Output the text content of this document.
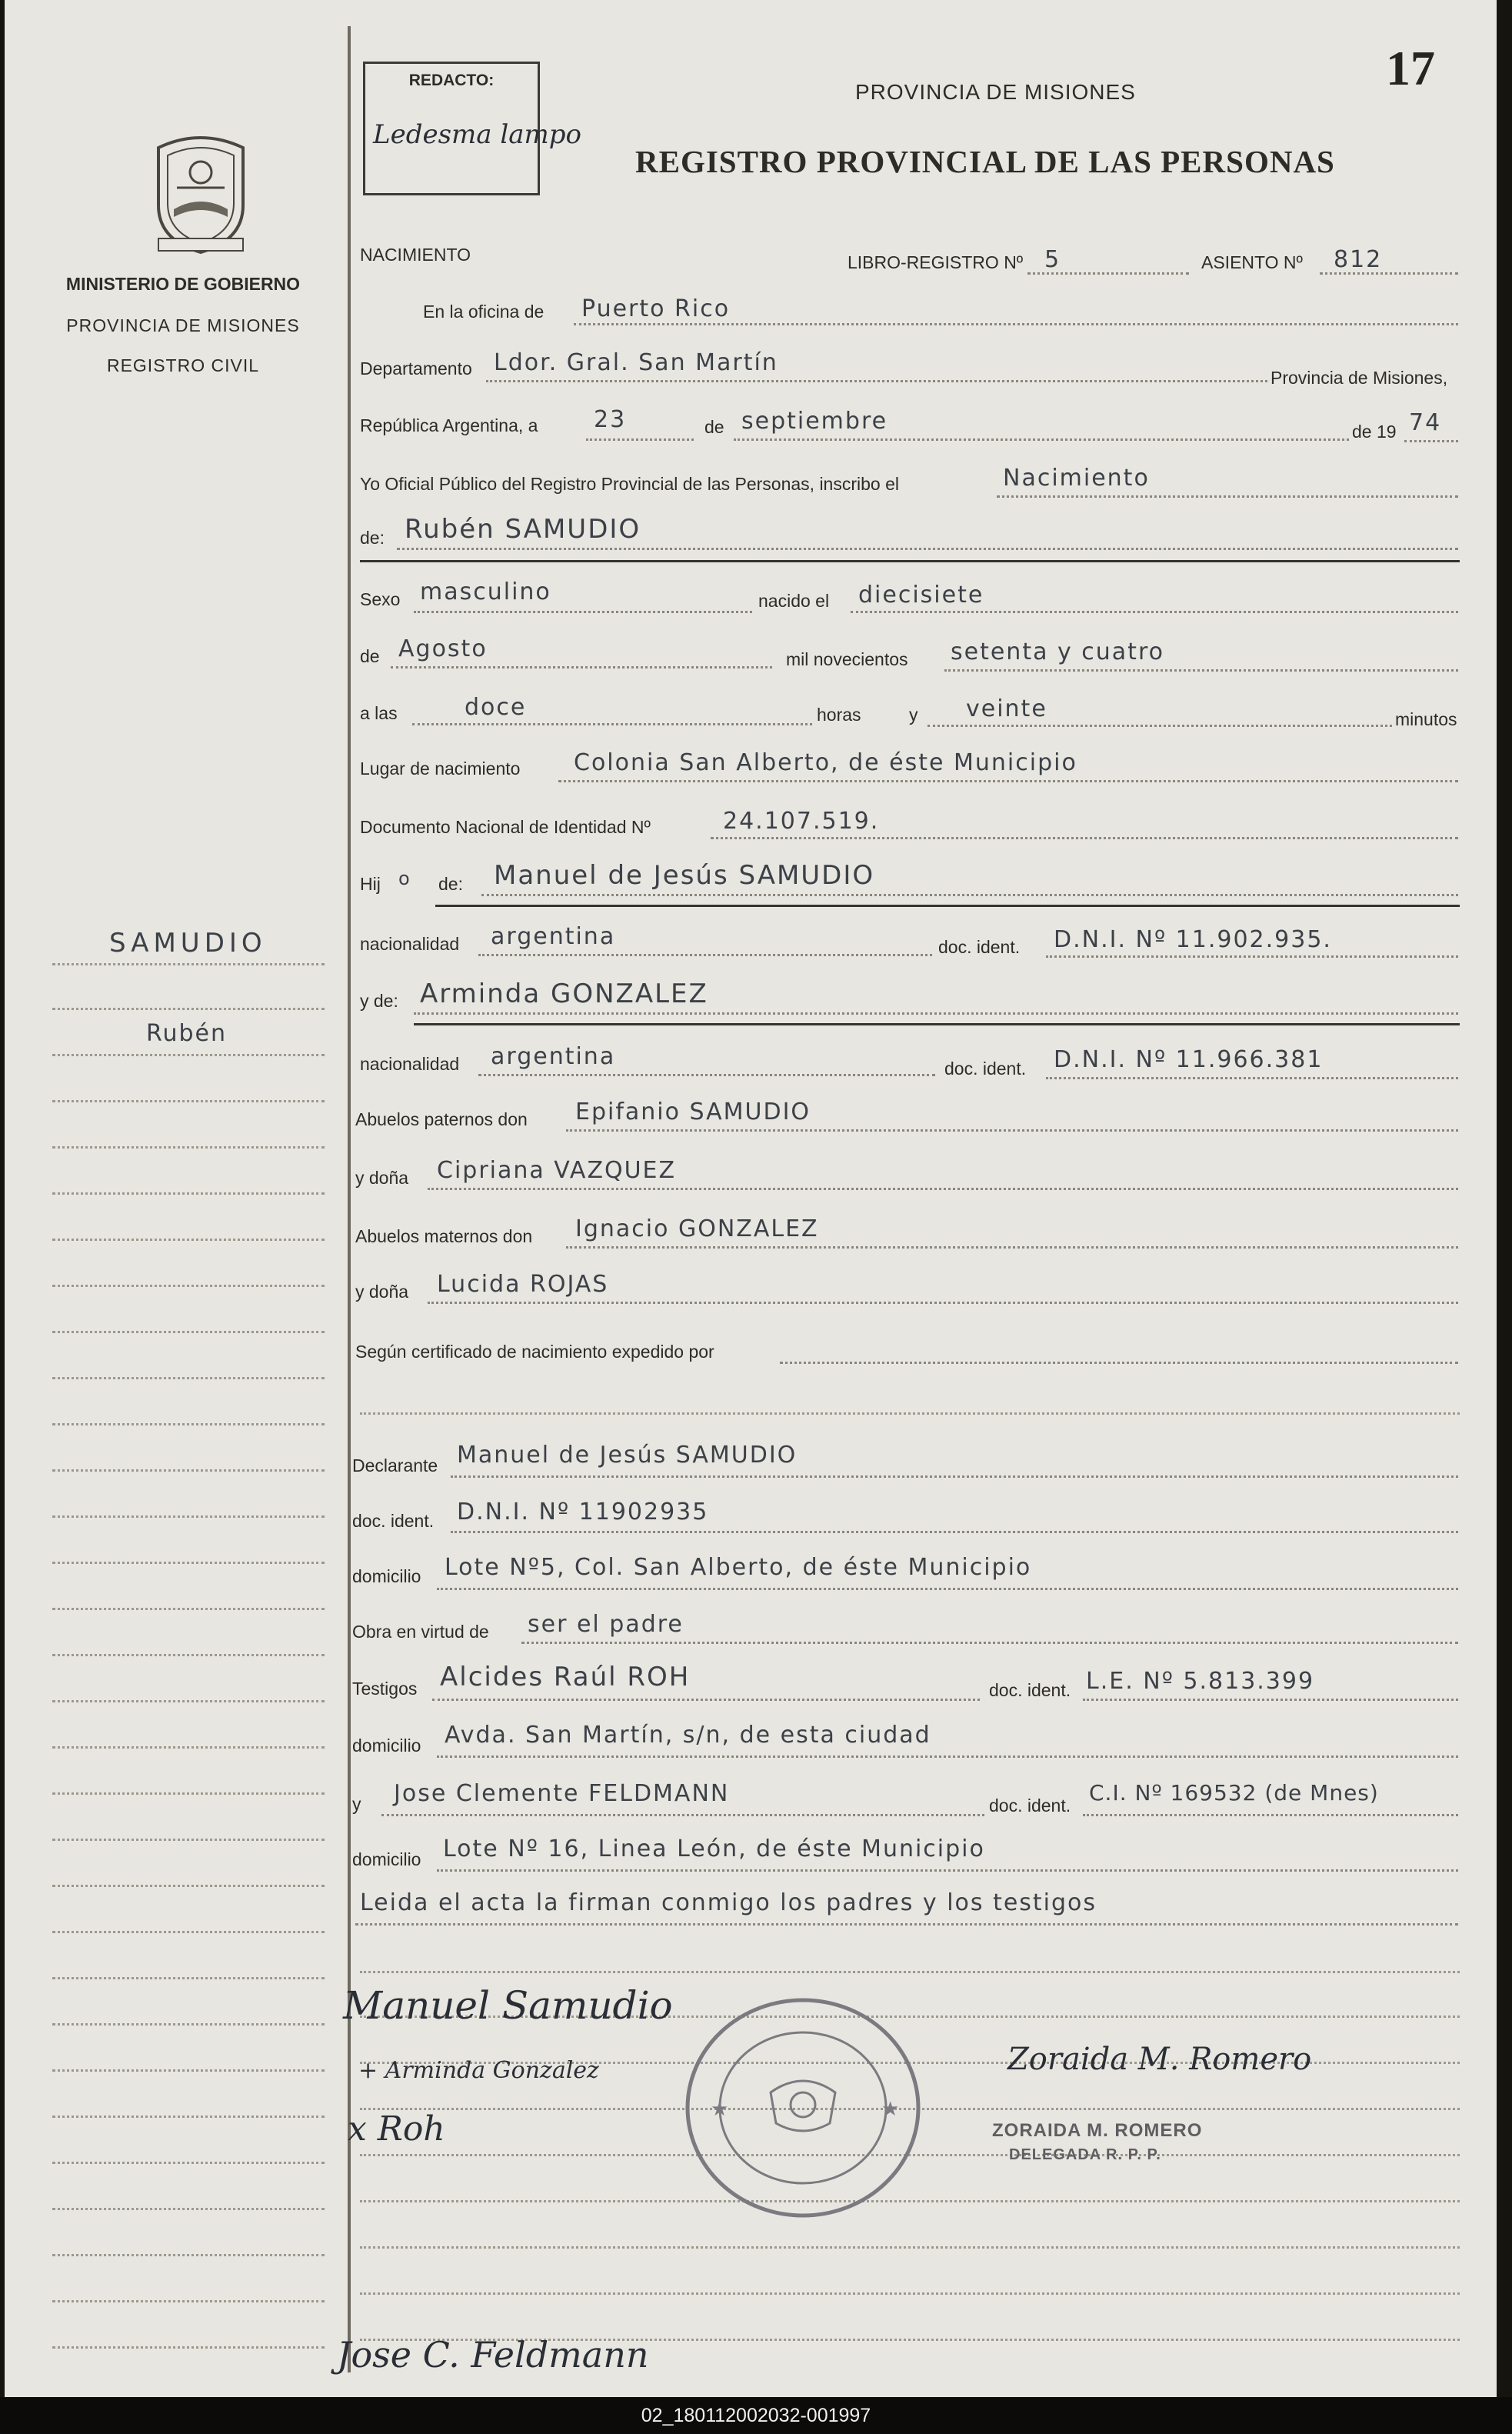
MINISTERIO DE GOBIERNO
PROVINCIA DE MISIONES
REGISTRO CIVIL
SAMUDIO
Rubén
17
REDACTO:
Ledesma lampo
PROVINCIA DE MISIONES
REGISTRO PROVINCIAL DE LAS PERSONAS
NACIMIENTO	LIBRO-REGISTRO Nº 5	ASIENTO Nº 812
En la oficina de Puerto Rico
Departamento Ldor. Gral. San Martín
Provincia de Misiones,
República Argentina, a 23	de septiembre	de 19 74
Yo Oficial Público del Registro Provincial de las Personas, inscribo el	Nacimiento
de: Rubén SAMUDIO
Sexo masculino	nacido el diecisiete
de Agosto	mil novecientos setenta y cuatro
a las	doce	horas	y veinte	minutos
Lugar de nacimiento Colonia San Alberto, de éste Municipio
Documento Nacional de Identidad Nº	24.107.519.
Hij o de: Manuel de Jesús SAMUDIO
nacionalidad argentina	doc. ident. D.N.I. Nº 11.902.935.
y de: Arminda GONZALEZ
nacionalidad argentina	doc. ident. D.N.I. Nº 11.966.381
Abuelos paternos don Epifanio SAMUDIO
y doña Cipriana VAZQUEZ
Abuelos maternos don Ignacio GONZALEZ
y doña Lucida ROJAS
Según certificado de nacimiento expedido por
Declarante Manuel de Jesús SAMUDIO
doc. ident. D.N.I. Nº 11902935
domicilio Lote Nº5, Col. San Alberto, de éste Municipio
Obra en virtud de ser el padre
Testigos Alcides Raúl ROH	doc. ident. L.E. Nº 5.813.399
domicilio Avda. San Martín, s/n, de esta ciudad
y Jose Clemente FELDMANN	doc. ident. C.I. Nº 169532 (de Mnes)
domicilio Lote Nº 16, Linea León, de éste Municipio
Leida el acta la firman conmigo los padres y los testigos
Manuel Samudio
+ Arminda Gonzalez
x Roh
Zoraida M. Romero
ZORAIDA M. ROMERO
DELEGADA R. P. P.
Jose C. Feldmann
★	★
02_180112002032-001997
